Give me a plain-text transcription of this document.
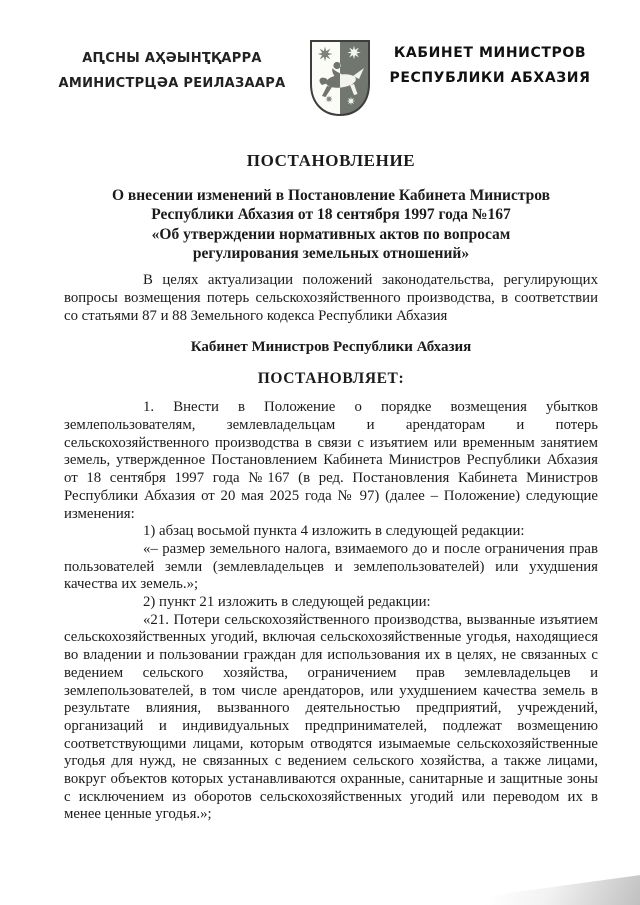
АԤСНЫ АҲӘЫНҬҚАРРА
АМИНИСТРЦӘА РЕИЛАЗААРА
КАБИНЕТ МИНИСТРОВ
РЕСПУБЛИКИ АБХАЗИЯ
ПОСТАНОВЛЕНИЕ
О внесении изменений в Постановление Кабинета Министров
Республики Абхазия от 18 сентября 1997 года №167
«Об утверждении нормативных актов по вопросам
регулирования земельных отношений»

В целях актуализации положений законодательства, регулирующих вопросы возмещения потерь сельскохозяйственного производства, в соответствии со статьями 87 и 88 Земельного кодекса Республики Абхазия

Кабинет Министров Республики Абхазия
ПОСТАНОВЛЯЕТ:

1. Внести в Положение о порядке возмещения убытков землепользователям, землевладельцам и арендаторам и потерь сельскохозяйственного производства в связи с изъятием или временным занятием земель, утвержденное Постановлением Кабинета Министров Республики Абхазия от 18 сентября 1997 года №167 (в ред. Постановления Кабинета Министров Республики Абхазия от 20 мая 2025 года № 97) (далее – Положение) следующие изменения:

1) абзац восьмой пункта 4 изложить в следующей редакции:

«– размер земельного налога, взимаемого до и после ограничения прав пользователей земли (землевладельцев и землепользователей) или ухудшения качества их земель.»;

2) пункт 21 изложить в следующей редакции:

«21. Потери сельскохозяйственного производства, вызванные изъятием сельскохозяйственных угодий, включая сельскохозяйственные угодья, находящиеся во владении и пользовании граждан для использования их в целях, не связанных с ведением сельского хозяйства, ограничением прав землевладельцев и землепользователей, в том числе арендаторов, или ухудшением качества земель в результате влияния, вызванного деятельностью предприятий, учреждений, организаций и индивидуальных предпринимателей, подлежат возмещению соответствующими лицами, которым отводятся изымаемые сельскохозяйственные угодья для нужд, не связанных с ведением сельского хозяйства, а также лицами, вокруг объектов которых устанавливаются охранные, санитарные и защитные зоны с исключением из оборотов сельскохозяйственных угодий или переводом их в менее ценные угодья.»;
